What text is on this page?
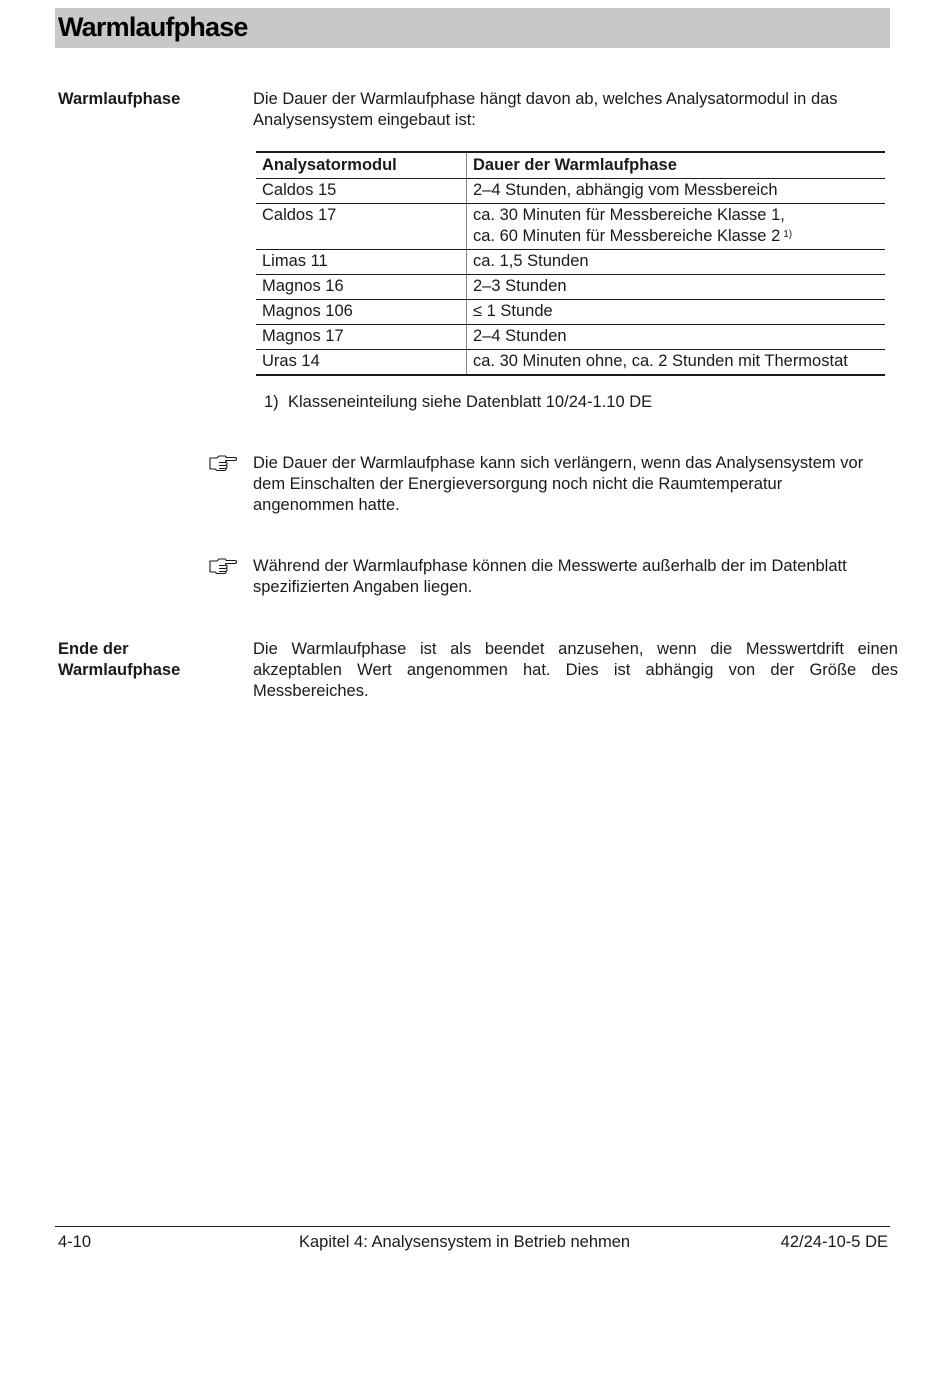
Warmlaufphase
Warmlaufphase	Die Dauer der Warmlaufphase hängt davon ab, welches Analysatormodul in das Analysensystem eingebaut ist:
Analysatormodul	Dauer der Warmlaufphase
Caldos 15	2–4 Stunden, abhängig vom Messbereich
Caldos 17	ca. 30 Minuten für Messbereiche Klasse 1,
ca. 60 Minuten für Messbereiche Klasse 2 $^{1)}$
Limas 11	ca. 1,5 Stunden
Magnos 16	2–3 Stunden
Magnos 106	≤ 1 Stunde
Magnos 17	2–4 Stunden
Uras 14	ca. 30 Minuten ohne, ca. 2 Stunden mit Thermostat
1) Klasseneinteilung siehe Datenblatt 10/24-1.10 DE
Die Dauer der Warmlaufphase kann sich verlängern, wenn das Analysensystem vor dem Einschalten der Energieversorgung noch nicht die Raumtemperatur angenommen hatte.
Während der Warmlaufphase können die Messwerte außerhalb der im Datenblatt spezifizierten Angaben liegen.
Ende der
Warmlaufphase
Die Warmlaufphase ist als beendet anzusehen, wenn die Messwertdrift einen akzeptablen Wert angenommen hat. Dies ist abhängig von der Größe des Messbereiches.
4-10	Kapitel 4: Analysensystem in Betrieb nehmen	42/24-10-5 DE
